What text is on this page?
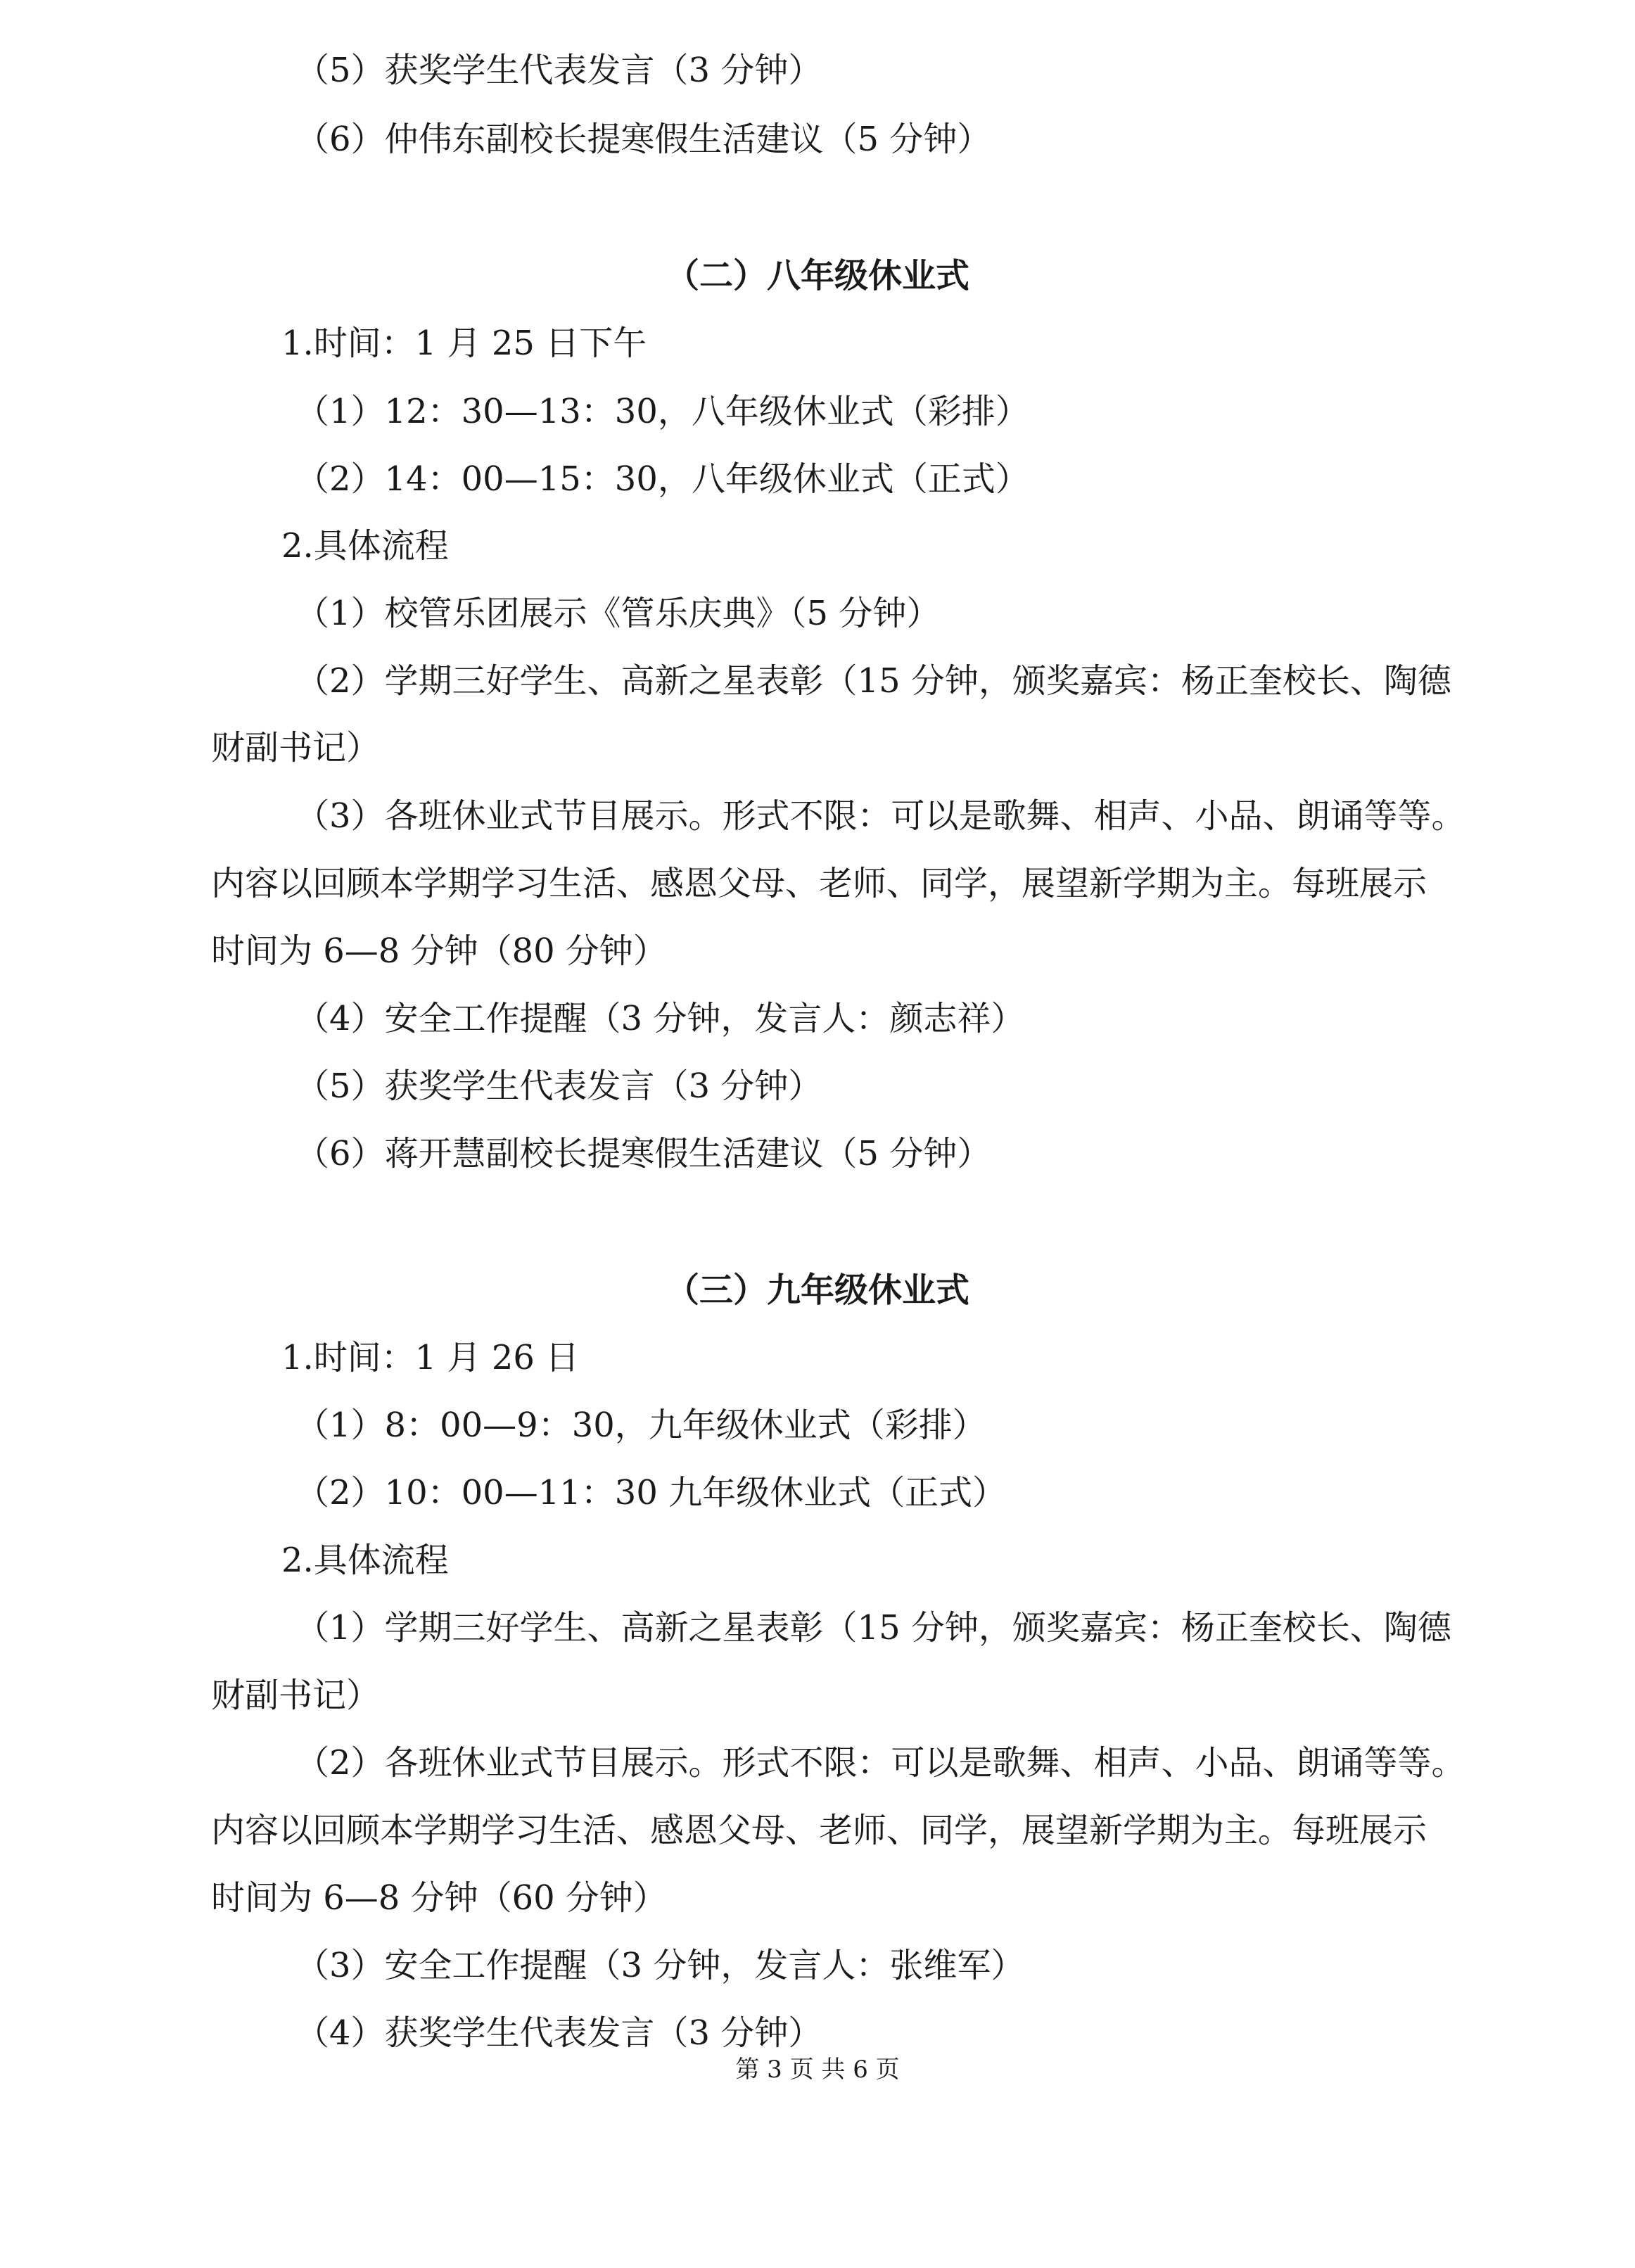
（5）获奖学生代表发言（3 分钟）

（6）仲伟东副校长提寒假生活建议（5 分钟）

（二）八年级休业式

1.时间：1 月 25 日下午

（1）12：30—13：30，八年级休业式（彩排）

（2）14：00—15：30，八年级休业式（正式）

2.具体流程

（1）校管乐团展示《管乐庆典》（5 分钟）

（2）学期三好学生、高新之星表彰（15 分钟，颁奖嘉宾：杨正奎校长、陶德

财副书记）

（3）各班休业式节目展示。形式不限：可以是歌舞、相声、小品、朗诵等等。

内容以回顾本学期学习生活、感恩父母、老师、同学，展望新学期为主。每班展示

时间为 6—8 分钟（80 分钟）

（4）安全工作提醒（3 分钟，发言人：颜志祥）

（5）获奖学生代表发言（3 分钟）

（6）蒋开慧副校长提寒假生活建议（5 分钟）

（三）九年级休业式

1.时间：1 月 26 日

（1）8：00—9：30，九年级休业式（彩排）

（2）10：00—11：30 九年级休业式（正式）

2.具体流程

（1）学期三好学生、高新之星表彰（15 分钟，颁奖嘉宾：杨正奎校长、陶德

财副书记）

（2）各班休业式节目展示。形式不限：可以是歌舞、相声、小品、朗诵等等。

内容以回顾本学期学习生活、感恩父母、老师、同学，展望新学期为主。每班展示

时间为 6—8 分钟（60 分钟）

（3）安全工作提醒（3 分钟，发言人：张维军）

（4）获奖学生代表发言（3 分钟）

第 3 页 共 6 页
